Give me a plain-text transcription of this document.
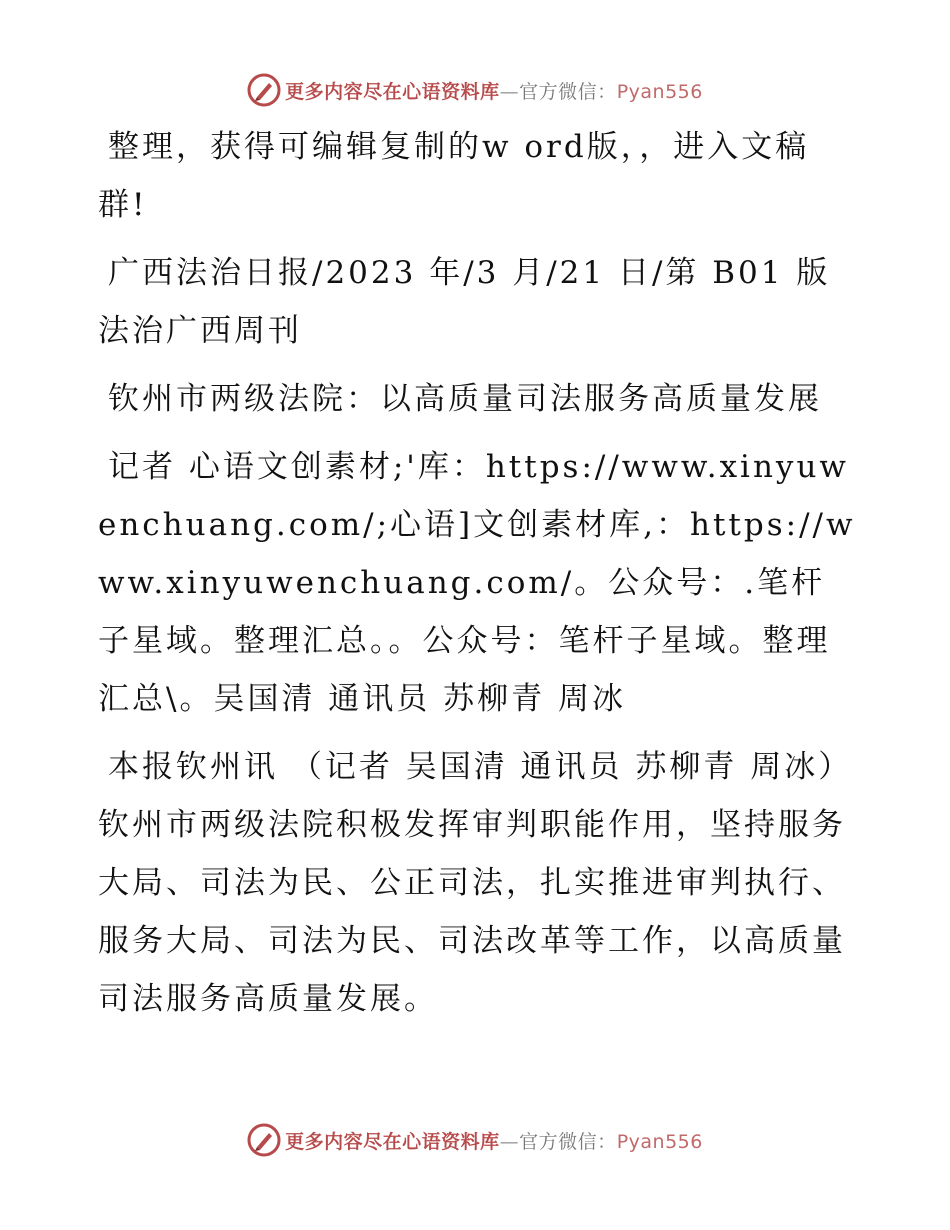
更多内容尽在心语资料库—官方微信：Pyan556

整理，获得可编辑复制的w ord版，，进入文稿群!

广西法治日报/2023 年/3 月/21 日/第 B01 版法治广西周刊

钦州市两级法院：以高质量司法服务高质量发展

记者 心语文创素材;'库：https://www.xinyuwenchuang.com/;心语]文创素材库,：https://www.xinyuwenchuang.com/。公众号：.笔杆子星域。整理汇总。。公众号：笔杆子星域。整理汇总\。吴国清 通讯员 苏柳青 周冰

本报钦州讯 （记者 吴国清 通讯员 苏柳青 周冰）钦州市两级法院积极发挥审判职能作用，坚持服务大局、司法为民、公正司法，扎实推进审判执行、服务大局、司法为民、司法改革等工作，以高质量司法服务高质量发展。

更多内容尽在心语资料库—官方微信：Pyan556
